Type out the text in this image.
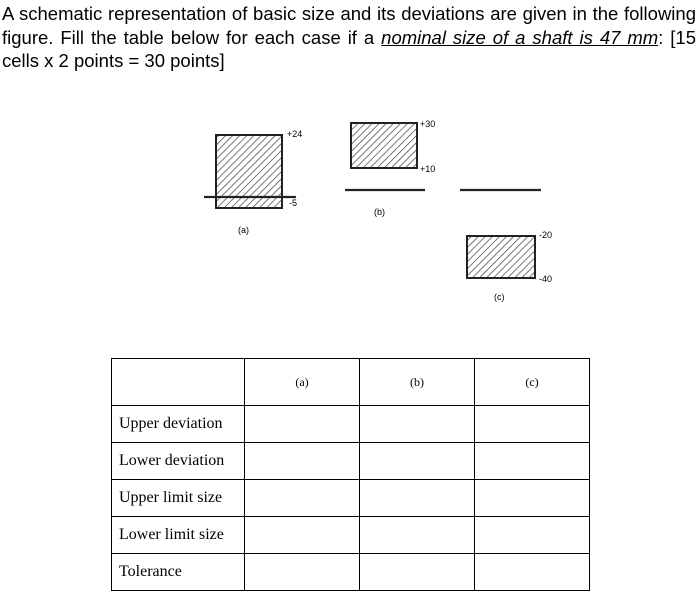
A schematic representation of basic size and its deviations are given in the following figure. Fill the table below for each case if a nominal size of a shaft is 47 mm: [15 cells x 2 points = 30 points]
+24
-5
(a)
+30
+10
(b)
-20
-40
(c)
	(a)	(b)	(c)
Upper deviation			
Lower deviation			
Upper limit size			
Lower limit size			
Tolerance			
